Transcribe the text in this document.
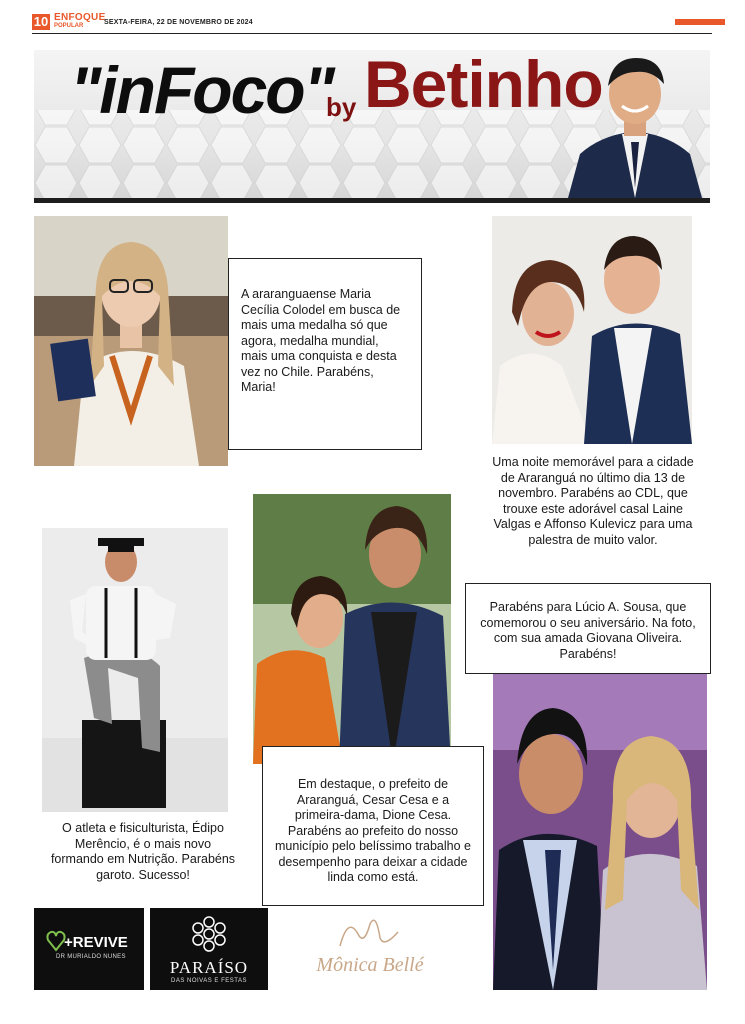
10 ENFOQUE
POPULAR	SEXTA-FEIRA, 22 DE NOVEMBRO DE 2024
"inFoco"
by Betinho
A araranguaense Maria Cecília Colodel em busca de mais uma medalha só que agora, medalha mundial, mais uma conquista e desta vez no Chile. Parabéns, Maria!
Uma noite memorável para a cidade de Araranguá no último dia 13 de novembro. Parabéns ao CDL, que trouxe este adorável casal Laine Valgas e Affonso Kulevicz para uma palestra de muito valor.
O atleta e fisiculturista, Édipo Merêncio, é o mais novo formando em Nutrição. Parabéns garoto. Sucesso!
Em destaque, o prefeito de Araranguá, Cesar Cesa e a primeira-dama, Dione Cesa. Parabéns ao prefeito do nosso município pelo belíssimo trabalho e desempenho para deixar a cidade linda como está.
Parabéns para Lúcio A. Sousa, que comemorou o seu aniversário. Na foto, com sua amada Giovana Oliveira. Parabéns!
+REVIVE
DR MURIALDO NUNES
PARAÍSO
DAS NOIVAS E FESTAS
Mônica Bellé
